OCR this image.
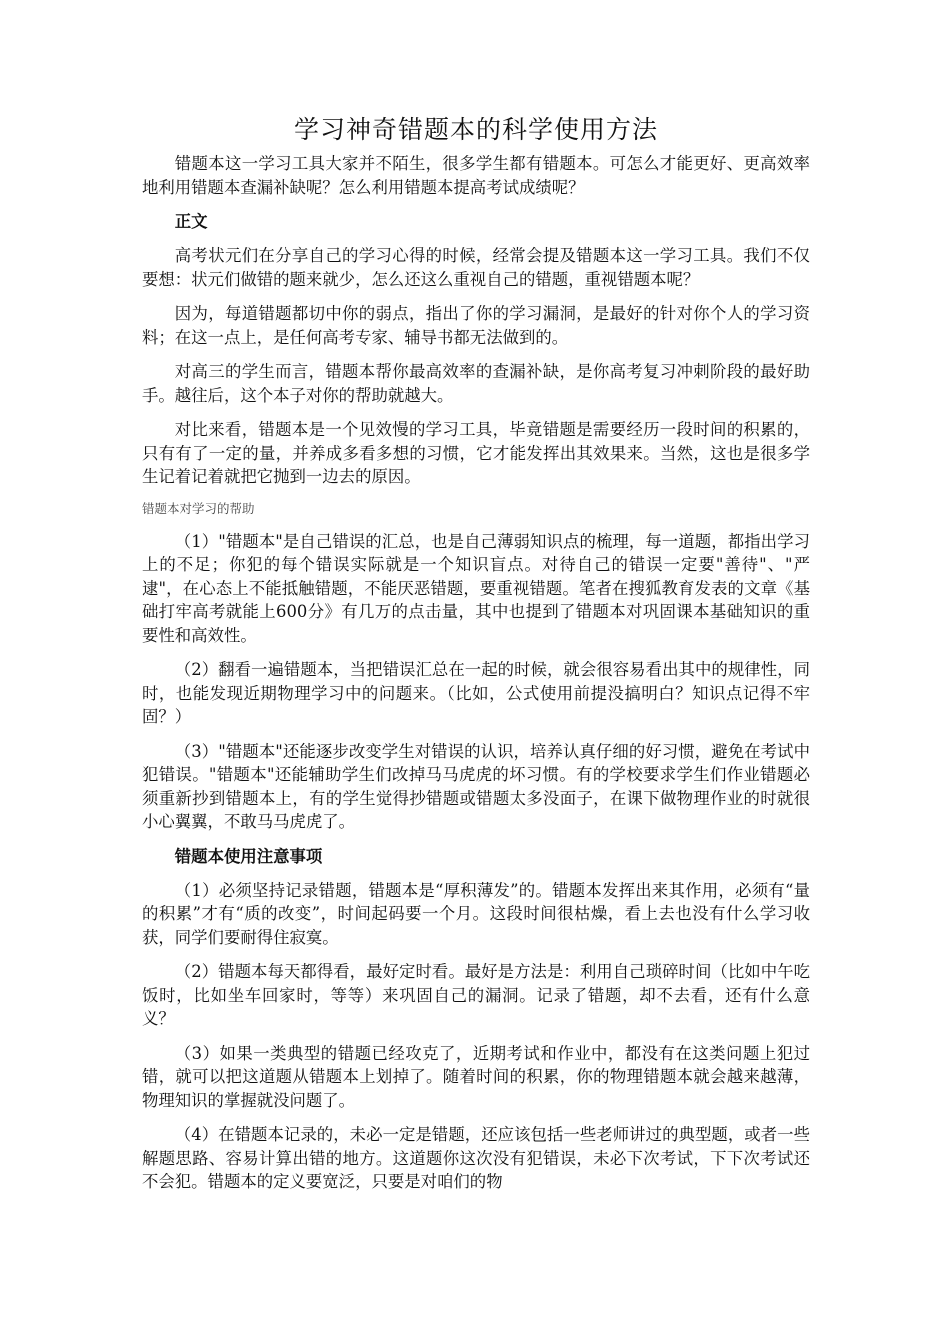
学习神奇错题本的科学使用方法

错题本这一学习工具大家并不陌生，很多学生都有错题本。可怎么才能更好、更高效率地利用错题本查漏补缺呢？怎么利用错题本提高考试成绩呢？

正文

高考状元们在分享自己的学习心得的时候，经常会提及错题本这一学习工具。我们不仅要想：状元们做错的题来就少，怎么还这么重视自己的错题，重视错题本呢？

因为，每道错题都切中你的弱点，指出了你的学习漏洞，是最好的针对你个人的学习资料；在这一点上，是任何高考专家、辅导书都无法做到的。

对高三的学生而言，错题本帮你最高效率的查漏补缺，是你高考复习冲刺阶段的最好助手。越往后，这个本子对你的帮助就越大。

对比来看，错题本是一个见效慢的学习工具，毕竟错题是需要经历一段时间的积累的，只有有了一定的量，并养成多看多想的习惯，它才能发挥出其效果来。当然，这也是很多学生记着记着就把它抛到一边去的原因。

错题本对学习的帮助

（1）"错题本"是自己错误的汇总，也是自己薄弱知识点的梳理，每一道题，都指出学习上的不足；你犯的每个错误实际就是一个知识盲点。对待自己的错误一定要"善待"、"严逮"，在心态上不能抵触错题，不能厌恶错题，要重视错题。笔者在搜狐教育发表的文章《基础打牢高考就能上600分》有几万的点击量，其中也提到了错题本对巩固课本基础知识的重要性和高效性。

（2）翻看一遍错题本，当把错误汇总在一起的时候，就会很容易看出其中的规律性，同时，也能发现近期物理学习中的问题来。（比如，公式使用前提没搞明白？知识点记得不牢固？）

（3）"错题本"还能逐步改变学生对错误的认识，培养认真仔细的好习惯，避免在考试中犯错误。"错题本"还能辅助学生们改掉马马虎虎的坏习惯。有的学校要求学生们作业错题必须重新抄到错题本上，有的学生觉得抄错题或错题太多没面子，在课下做物理作业的时就很小心翼翼，不敢马马虎虎了。

错题本使用注意事项

（1）必须坚持记录错题，错题本是“厚积薄发”的。错题本发挥出来其作用，必须有“量的积累”才有“质的改变”，时间起码要一个月。这段时间很枯燥，看上去也没有什么学习收获，同学们要耐得住寂寞。

（2）错题本每天都得看，最好定时看。最好是方法是：利用自己琐碎时间（比如中午吃饭时，比如坐车回家时，等等）来巩固自己的漏洞。记录了错题，却不去看，还有什么意义？

（3）如果一类典型的错题已经攻克了，近期考试和作业中，都没有在这类问题上犯过错，就可以把这道题从错题本上划掉了。随着时间的积累，你的物理错题本就会越来越薄，物理知识的掌握就没问题了。

（4）在错题本记录的，未必一定是错题，还应该包括一些老师讲过的典型题，或者一些解题思路、容易计算出错的地方。这道题你这次没有犯错误，未必下次考试，下下次考试还不会犯。错题本的定义要宽泛，只要是对咱们的物
